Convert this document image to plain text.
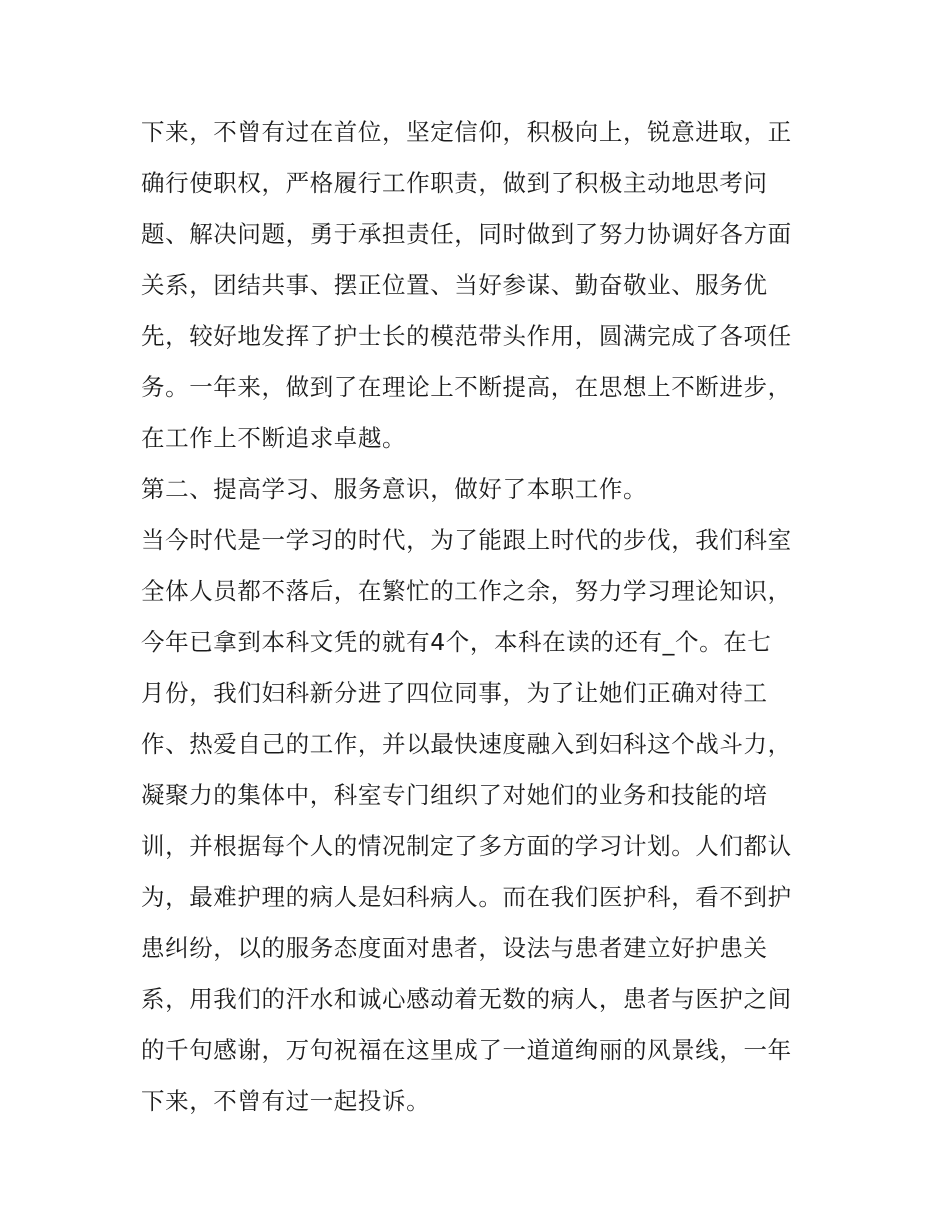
下来，不曾有过在首位，坚定信仰，积极向上，锐意进取，正
确行使职权，严格履行工作职责，做到了积极主动地思考问
题、解决问题，勇于承担责任，同时做到了努力协调好各方面
关系，团结共事、摆正位置、当好参谋、勤奋敬业、服务优
先，较好地发挥了护士长的模范带头作用，圆满完成了各项任
务。一年来，做到了在理论上不断提高，在思想上不断进步，
在工作上不断追求卓越。
第二、提高学习、服务意识，做好了本职工作。
当今时代是一学习的时代，为了能跟上时代的步伐，我们科室
全体人员都不落后，在繁忙的工作之余，努力学习理论知识，
今年已拿到本科文凭的就有4个，本科在读的还有_个。在七
月份，我们妇科新分进了四位同事，为了让她们正确对待工
作、热爱自己的工作，并以最快速度融入到妇科这个战斗力，
凝聚力的集体中，科室专门组织了对她们的业务和技能的培
训，并根据每个人的情况制定了多方面的学习计划。人们都认
为，最难护理的病人是妇科病人。而在我们医护科，看不到护
患纠纷，以的服务态度面对患者，设法与患者建立好护患关
系，用我们的汗水和诚心感动着无数的病人，患者与医护之间
的千句感谢，万句祝福在这里成了一道道绚丽的风景线，一年
下来，不曾有过一起投诉。
